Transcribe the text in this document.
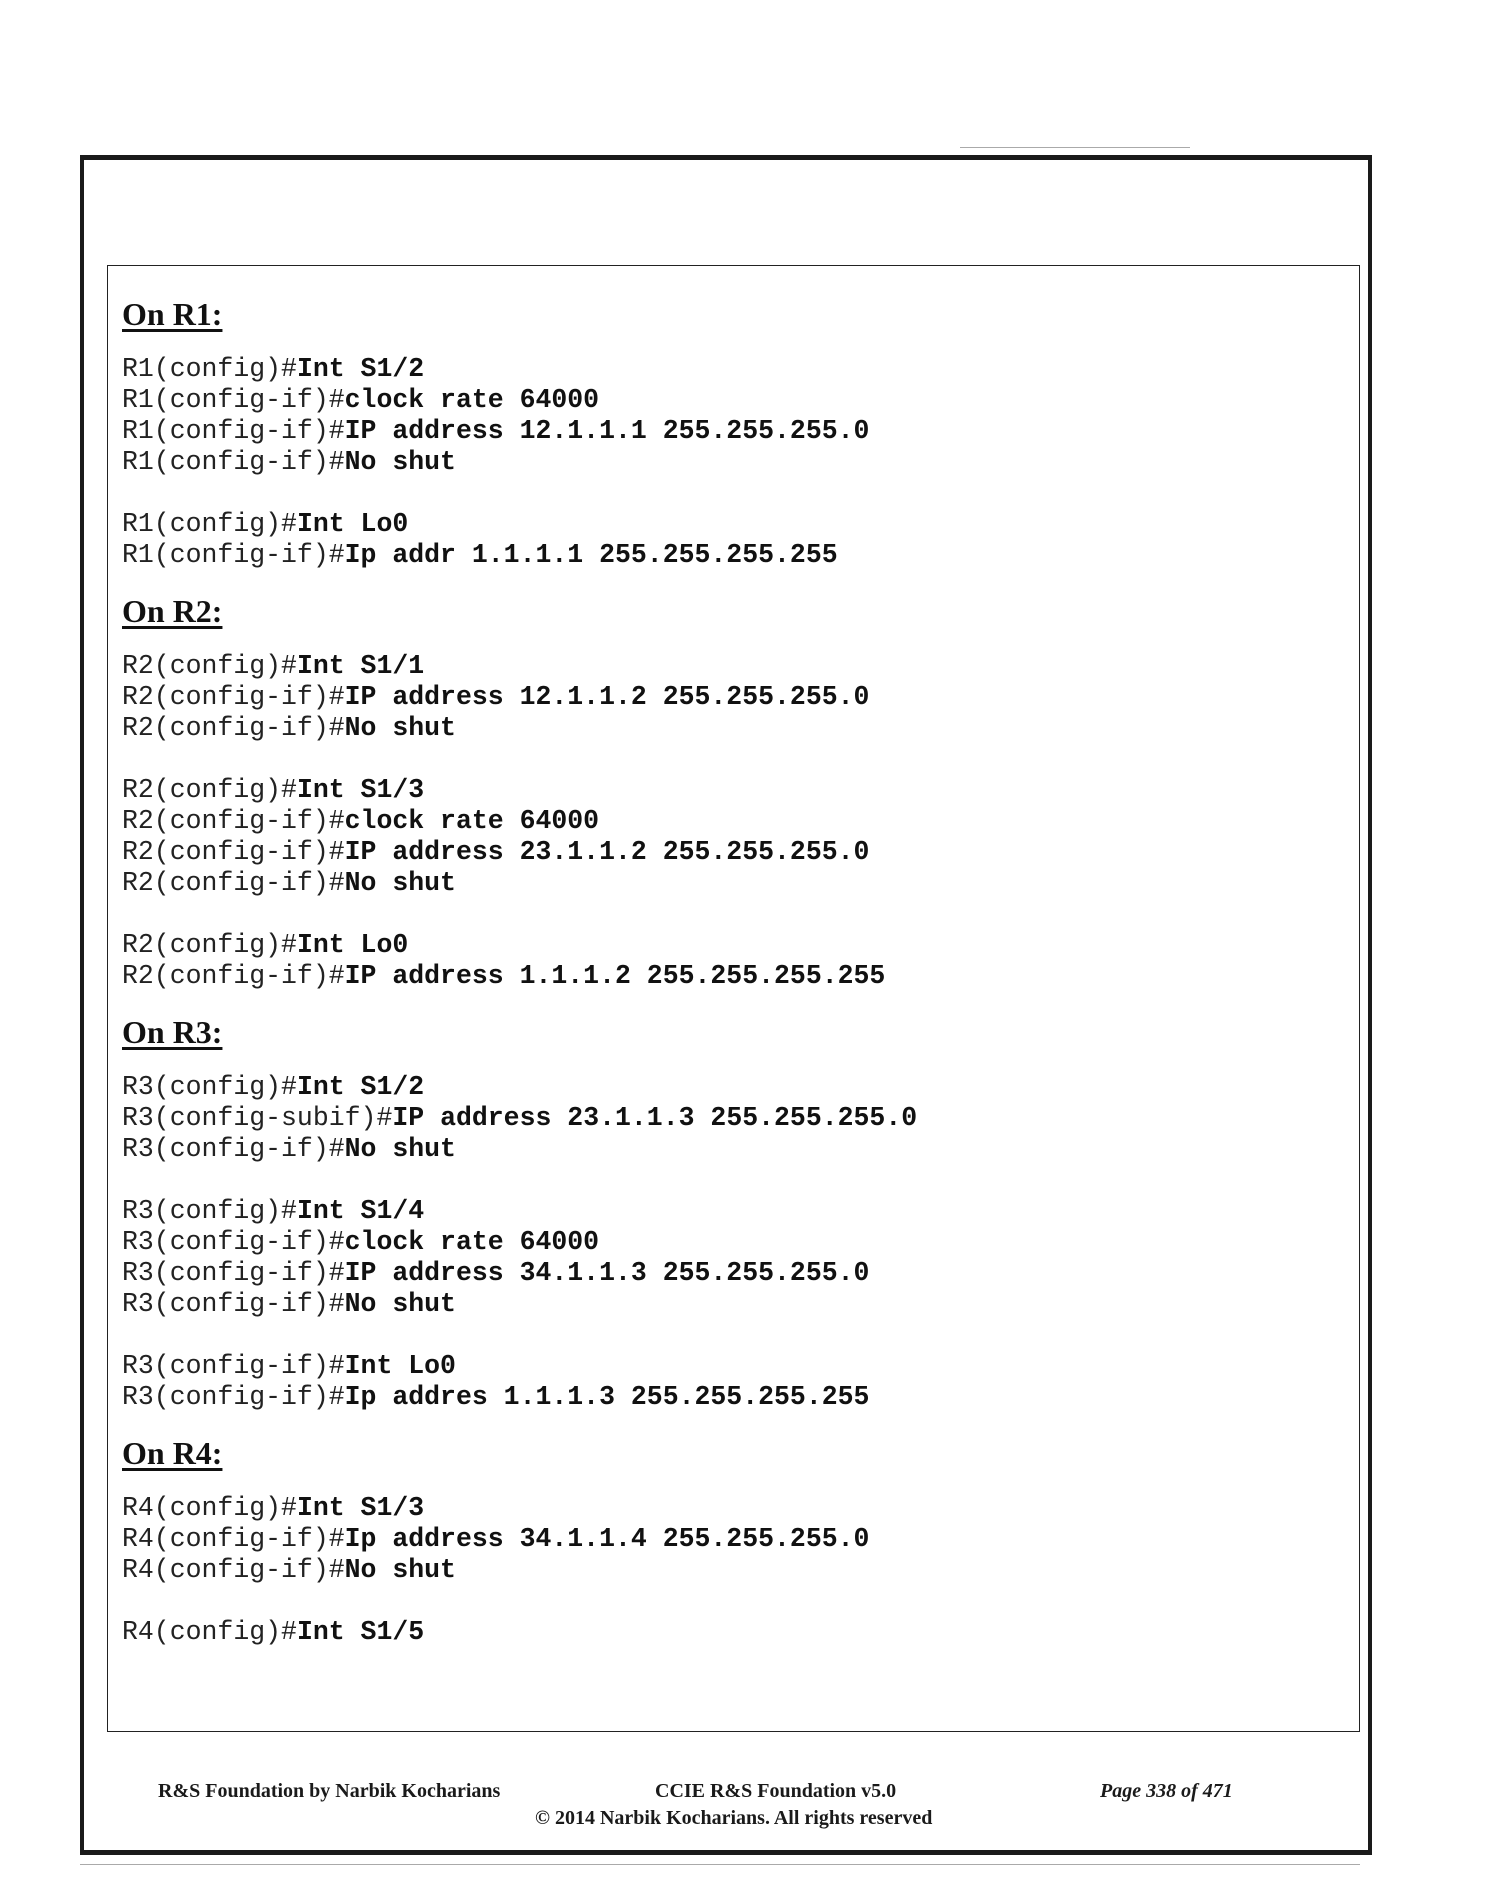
On R1:
R1(config)#Int S1/2
R1(config-if)#clock rate 64000
R1(config-if)#IP address 12.1.1.1 255.255.255.0
R1(config-if)#No shut
R1(config)#Int Lo0
R1(config-if)#Ip addr 1.1.1.1 255.255.255.255
On R2:
R2(config)#Int S1/1
R2(config-if)#IP address 12.1.1.2 255.255.255.0
R2(config-if)#No shut
R2(config)#Int S1/3
R2(config-if)#clock rate 64000
R2(config-if)#IP address 23.1.1.2 255.255.255.0
R2(config-if)#No shut
R2(config)#Int Lo0
R2(config-if)#IP address 1.1.1.2 255.255.255.255
On R3:
R3(config)#Int S1/2
R3(config-subif)#IP address 23.1.1.3 255.255.255.0
R3(config-if)#No shut
R3(config)#Int S1/4
R3(config-if)#clock rate 64000
R3(config-if)#IP address 34.1.1.3 255.255.255.0
R3(config-if)#No shut
R3(config-if)#Int Lo0
R3(config-if)#Ip addres 1.1.1.3 255.255.255.255
On R4:
R4(config)#Int S1/3
R4(config-if)#Ip address 34.1.1.4 255.255.255.0
R4(config-if)#No shut
R4(config)#Int S1/5
R&S Foundation by Narbik Kocharians	CCIE R&S Foundation v5.0	Page 338 of 471
© 2014 Narbik Kocharians. All rights reserved
